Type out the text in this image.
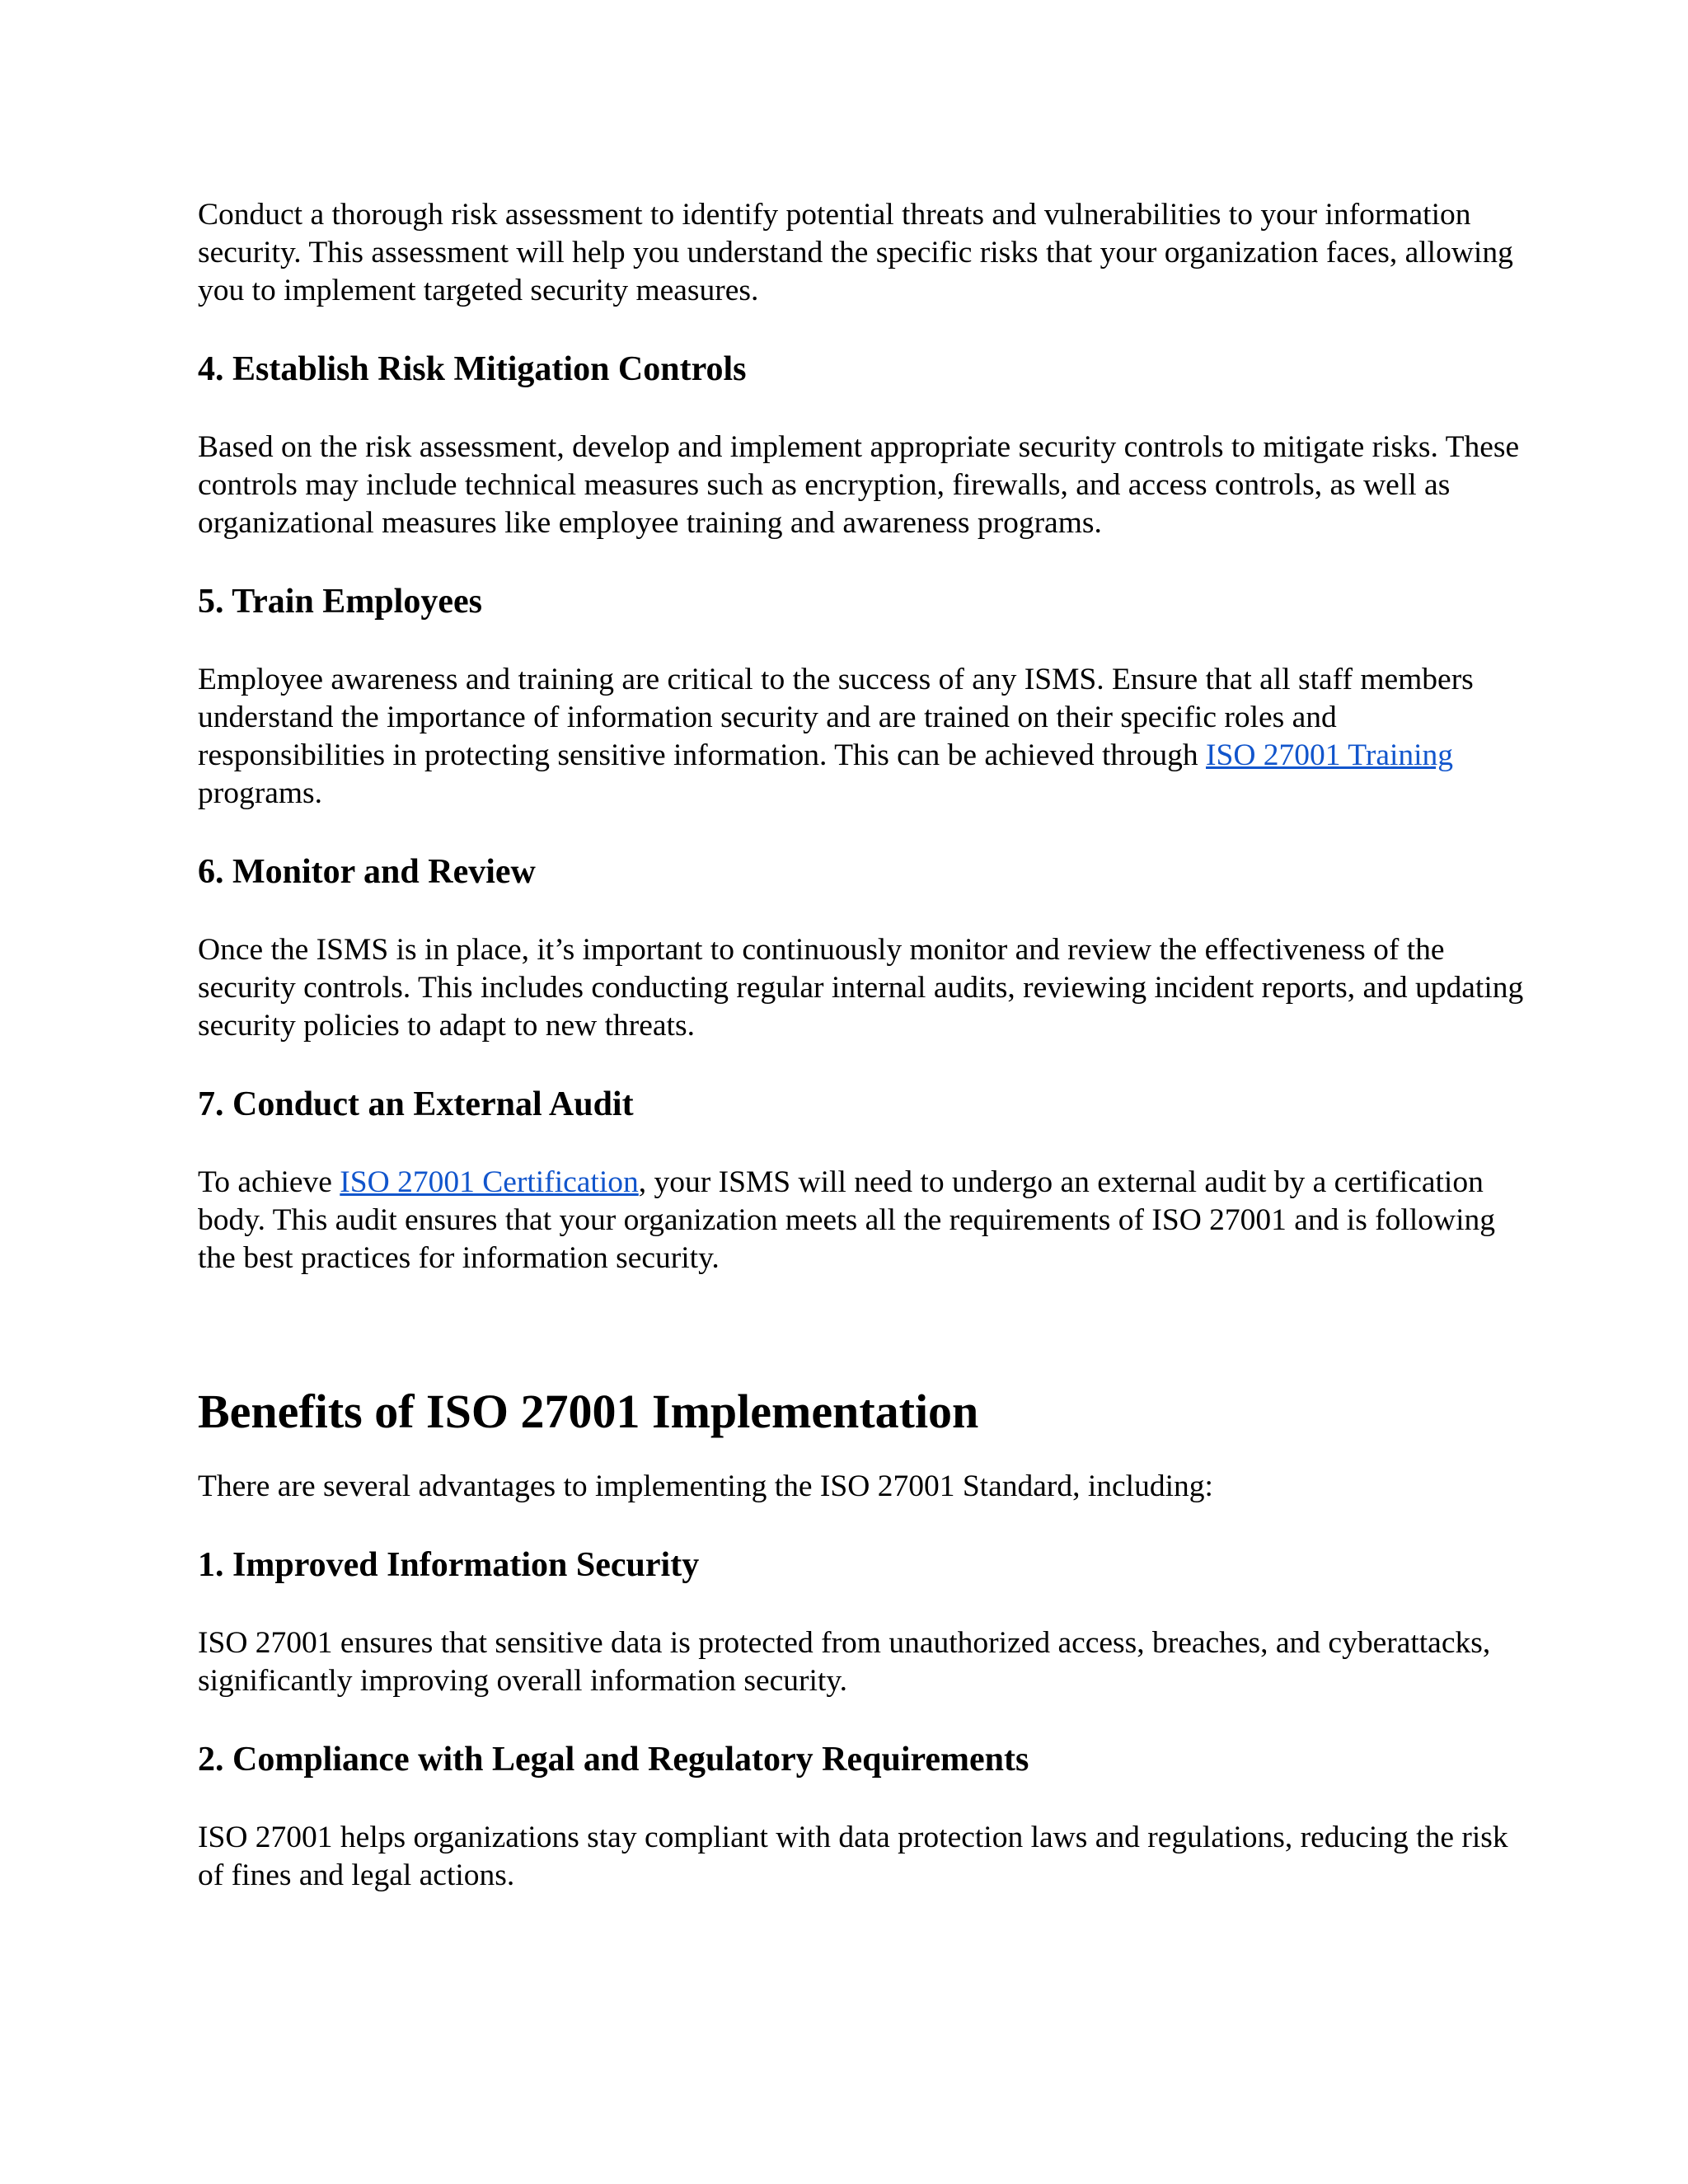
Conduct a thorough risk assessment to identify potential threats and vulnerabilities to your information security. This assessment will help you understand the specific risks that your organization faces, allowing you to implement targeted security measures.

4. Establish Risk Mitigation Controls

Based on the risk assessment, develop and implement appropriate security controls to mitigate risks. These controls may include technical measures such as encryption, firewalls, and access controls, as well as organizational measures like employee training and awareness programs.

5. Train Employees

Employee awareness and training are critical to the success of any ISMS. Ensure that all staff members understand the importance of information security and are trained on their specific roles and responsibilities in protecting sensitive information. This can be achieved through ISO 27001 Training programs.

6. Monitor and Review

Once the ISMS is in place, it’s important to continuously monitor and review the effectiveness of the security controls. This includes conducting regular internal audits, reviewing incident reports, and updating security policies to adapt to new threats.

7. Conduct an External Audit

To achieve ISO 27001 Certification, your ISMS will need to undergo an external audit by a certification body. This audit ensures that your organization meets all the requirements of ISO 27001 and is following the best practices for information security.

Benefits of ISO 27001 Implementation

There are several advantages to implementing the ISO 27001 Standard, including:

1. Improved Information Security

ISO 27001 ensures that sensitive data is protected from unauthorized access, breaches, and cyberattacks, significantly improving overall information security.

2. Compliance with Legal and Regulatory Requirements

ISO 27001 helps organizations stay compliant with data protection laws and regulations, reducing the risk of fines and legal actions.
